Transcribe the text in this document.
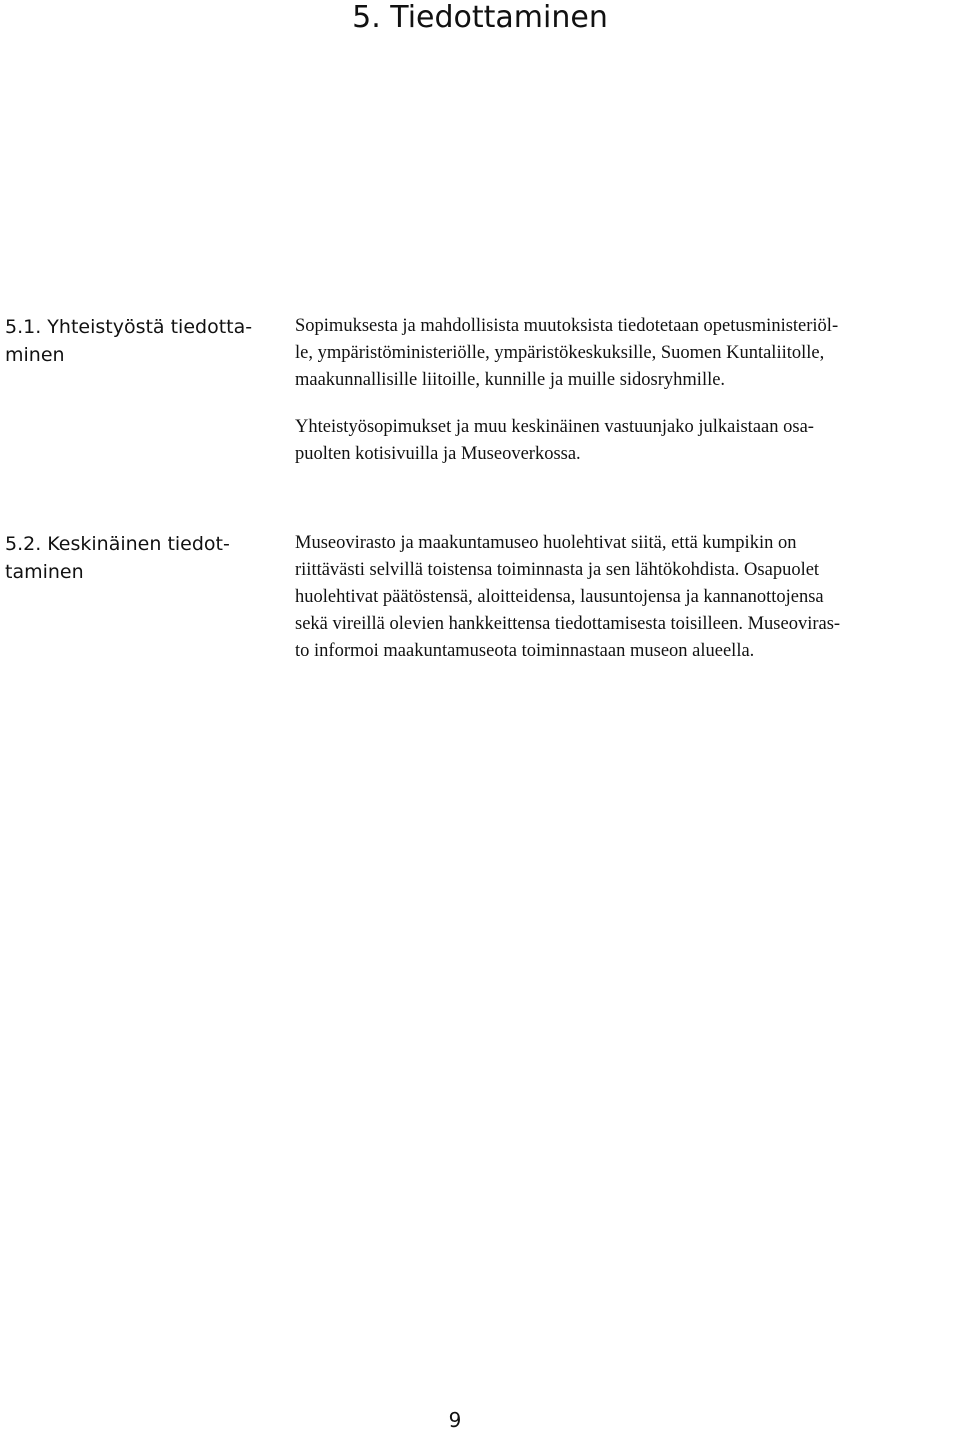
5. Tiedottaminen
5.1. Yhteistyöstä tiedotta-
minen

Sopimuksesta ja mahdollisista muutoksista tiedotetaan opetusministeriöl-
le, ympäristöministeriölle, ympäristökeskuksille, Suomen Kuntaliitolle,
maakunnallisille liitoille, kunnille ja muille sidosryhmille.

Yhteistyösopimukset ja muu keskinäinen vastuunjako julkaistaan osa-
puolten kotisivuilla ja Museoverkossa.

5.2. Keskinäinen tiedot-
taminen

Museovirasto ja maakuntamuseo huolehtivat siitä, että kumpikin on
riittävästi selvillä toistensa toiminnasta ja sen lähtökohdista. Osapuolet
huolehtivat päätöstensä, aloitteidensa, lausuntojensa ja kannanottojensa
sekä vireillä olevien hankkeittensa tiedottamisesta toisilleen. Museoviras-
to informoi maakuntamuseota toiminnastaan museon alueella.

9
